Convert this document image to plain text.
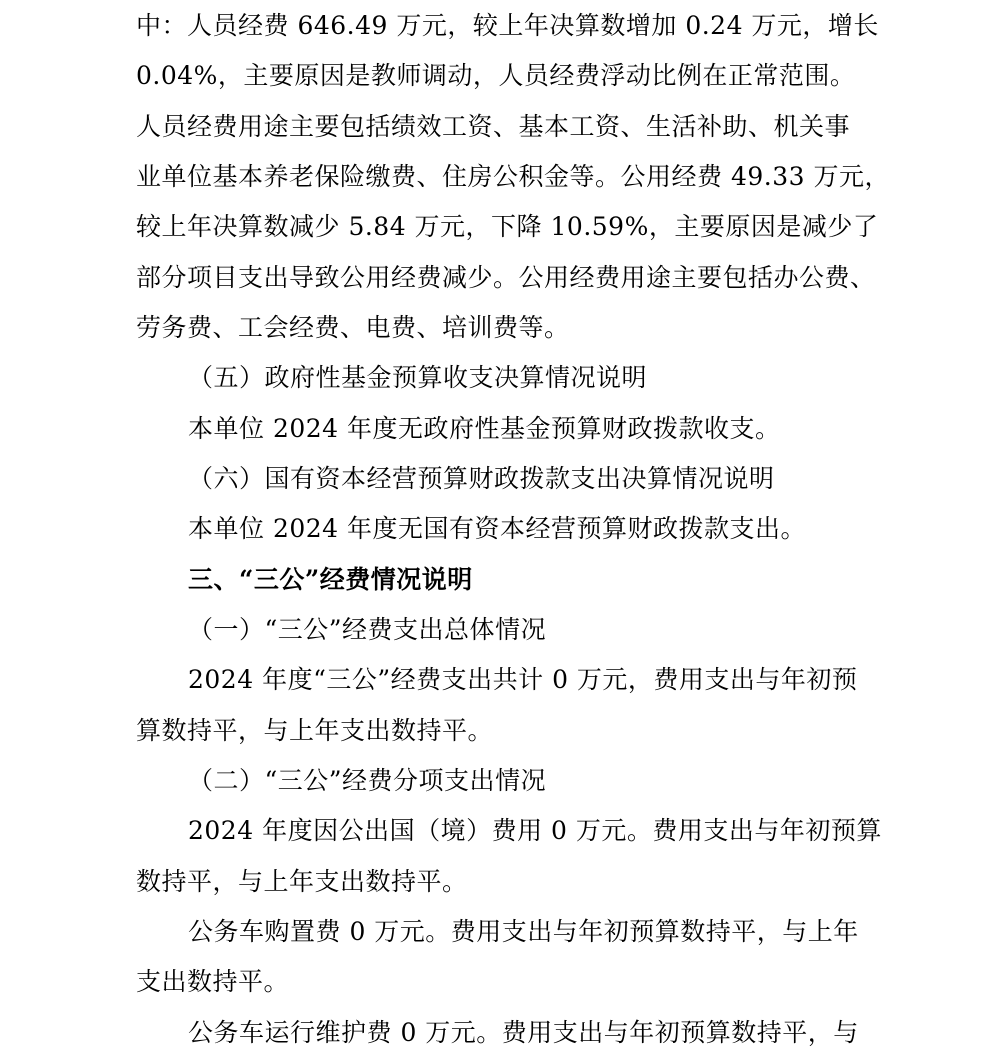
中：人员经费 646.49 万元，较上年决算数增加 0.24 万元，增长
0.04%，主要原因是教师调动，人员经费浮动比例在正常范围。
人员经费用途主要包括绩效工资、基本工资、生活补助、机关事
业单位基本养老保险缴费、住房公积金等。公用经费 49.33 万元，
较上年决算数减少 5.84 万元，下降 10.59%，主要原因是减少了
部分项目支出导致公用经费减少。公用经费用途主要包括办公费、
劳务费、工会经费、电费、培训费等。
（五）政府性基金预算收支决算情况说明
本单位 2024 年度无政府性基金预算财政拨款收支。
（六）国有资本经营预算财政拨款支出决算情况说明
本单位 2024 年度无国有资本经营预算财政拨款支出。
三、“三公”经费情况说明
（一）“三公”经费支出总体情况
2024 年度“三公”经费支出共计 0 万元，费用支出与年初预
算数持平，与上年支出数持平。
（二）“三公”经费分项支出情况
2024 年度因公出国（境）费用 0 万元。费用支出与年初预算
数持平，与上年支出数持平。
公务车购置费 0 万元。费用支出与年初预算数持平，与上年
支出数持平。
公务车运行维护费 0 万元。费用支出与年初预算数持平，与
